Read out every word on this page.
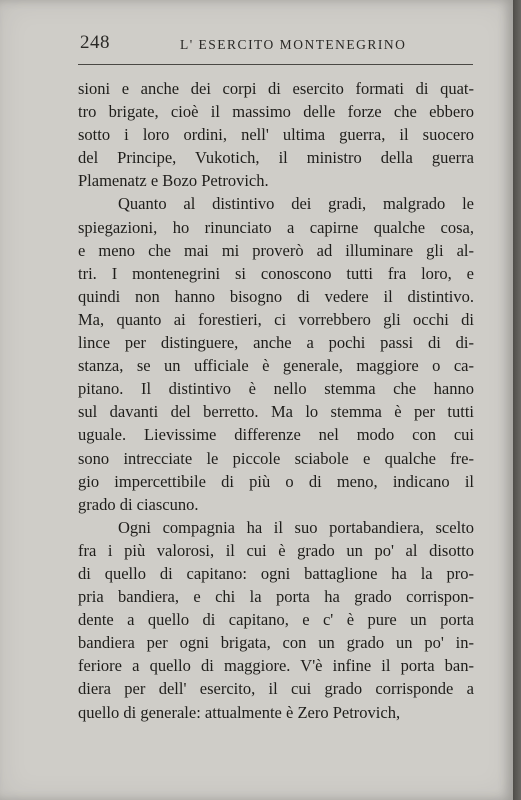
248	L' ESERCITO MONTENEGRINO
sioni e anche dei corpi di esercito formati di quat-
tro brigate, cioè il massimo delle forze che ebbero
sotto i loro ordini, nell' ultima guerra, il suocero
del Principe, Vukotich, il ministro della guerra
Plamenatz e Bozo Petrovich.
Quanto al distintivo dei gradi, malgrado le
spiegazioni, ho rinunciato a capirne qualche cosa,
e meno che mai mi proverò ad illuminare gli al-
tri. I montenegrini si conoscono tutti fra loro, e
quindi non hanno bisogno di vedere il distintivo.
Ma, quanto ai forestieri, ci vorrebbero gli occhi di
lince per distinguere, anche a pochi passi di di-
stanza, se un ufficiale è generale, maggiore o ca-
pitano. Il distintivo è nello stemma che hanno
sul davanti del berretto. Ma lo stemma è per tutti
uguale. Lievissime differenze nel modo con cui
sono intrecciate le piccole sciabole e qualche fre-
gio impercettibile di più o di meno, indicano il
grado di ciascuno.
Ogni compagnia ha il suo portabandiera, scelto
fra i più valorosi, il cui è grado un po' al disotto
di quello di capitano: ogni battaglione ha la pro-
pria bandiera, e chi la porta ha grado corrispon-
dente a quello di capitano, e c' è pure un porta
bandiera per ogni brigata, con un grado un po' in-
feriore a quello di maggiore. V'è infine il porta ban-
diera per dell' esercito, il cui grado corrisponde a
quello di generale: attualmente è Zero Petrovich,
